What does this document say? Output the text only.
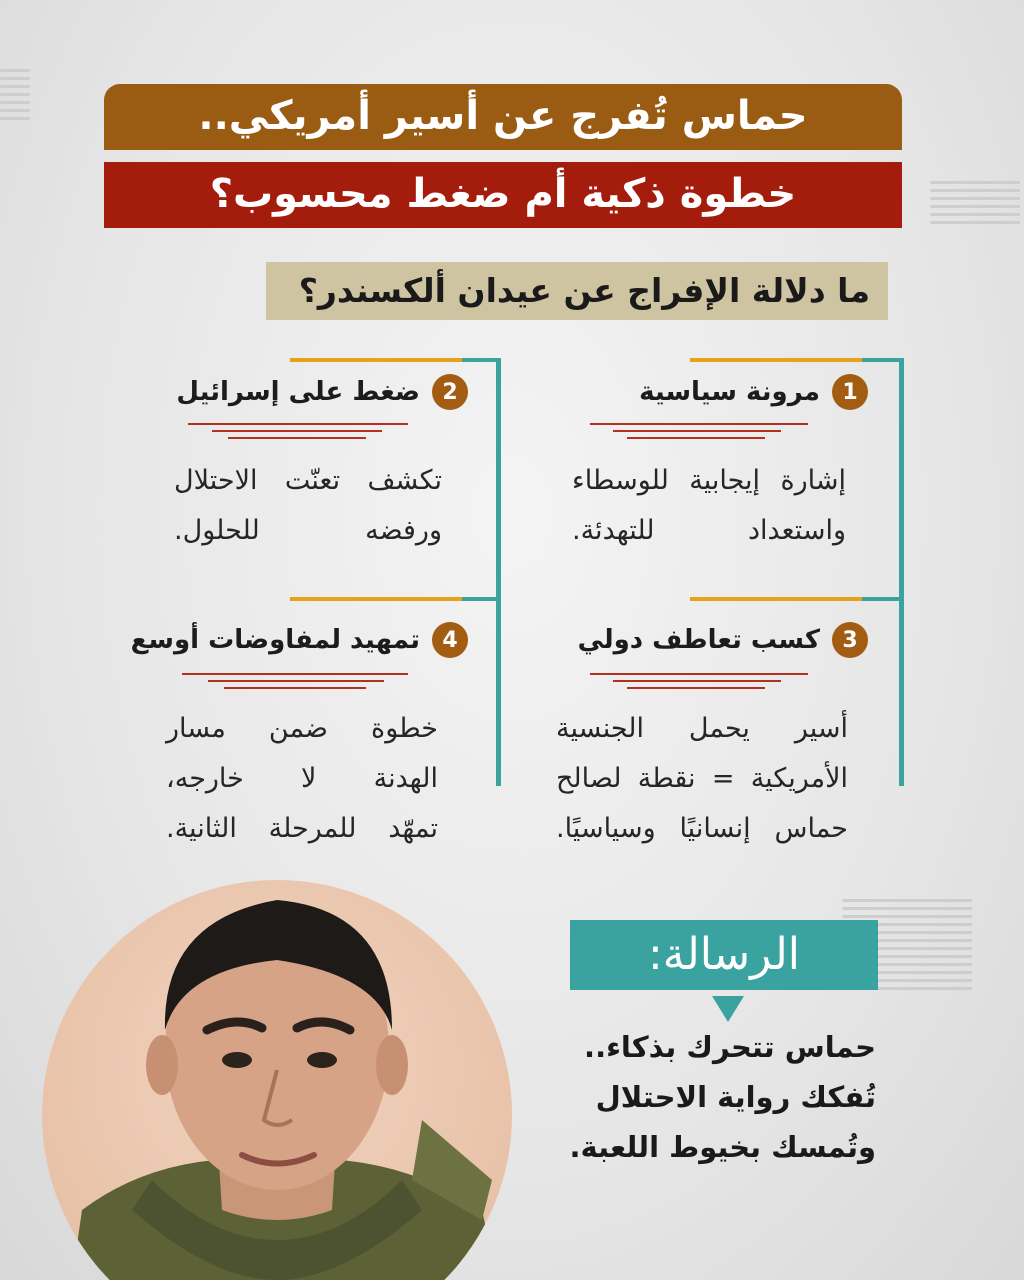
حماس تُفرج عن أسير أمريكي..
خطوة ذكية أم ضغط محسوب؟
ما دلالة الإفراج عن عيدان ألكسندر؟
1
مرونة سياسية
إشارة إيجابية للوسطاء
واستعداد للتهدئة.
2
ضغط على إسرائيل
تكشف تعنّت الاحتلال
ورفضه للحلول.
3
كسب تعاطف دولي
أسير يحمل الجنسية
الأمريكية = نقطة لصالح
حماس إنسانيًا وسياسيًا.
4
تمهيد لمفاوضات أوسع
خطوة ضمن مسار
الهدنة لا خارجه،
تمهّد للمرحلة الثانية.
الرسالة:
حماس تتحرك بذكاء..
تُفكك رواية الاحتلال
وتُمسك بخيوط اللعبة.
